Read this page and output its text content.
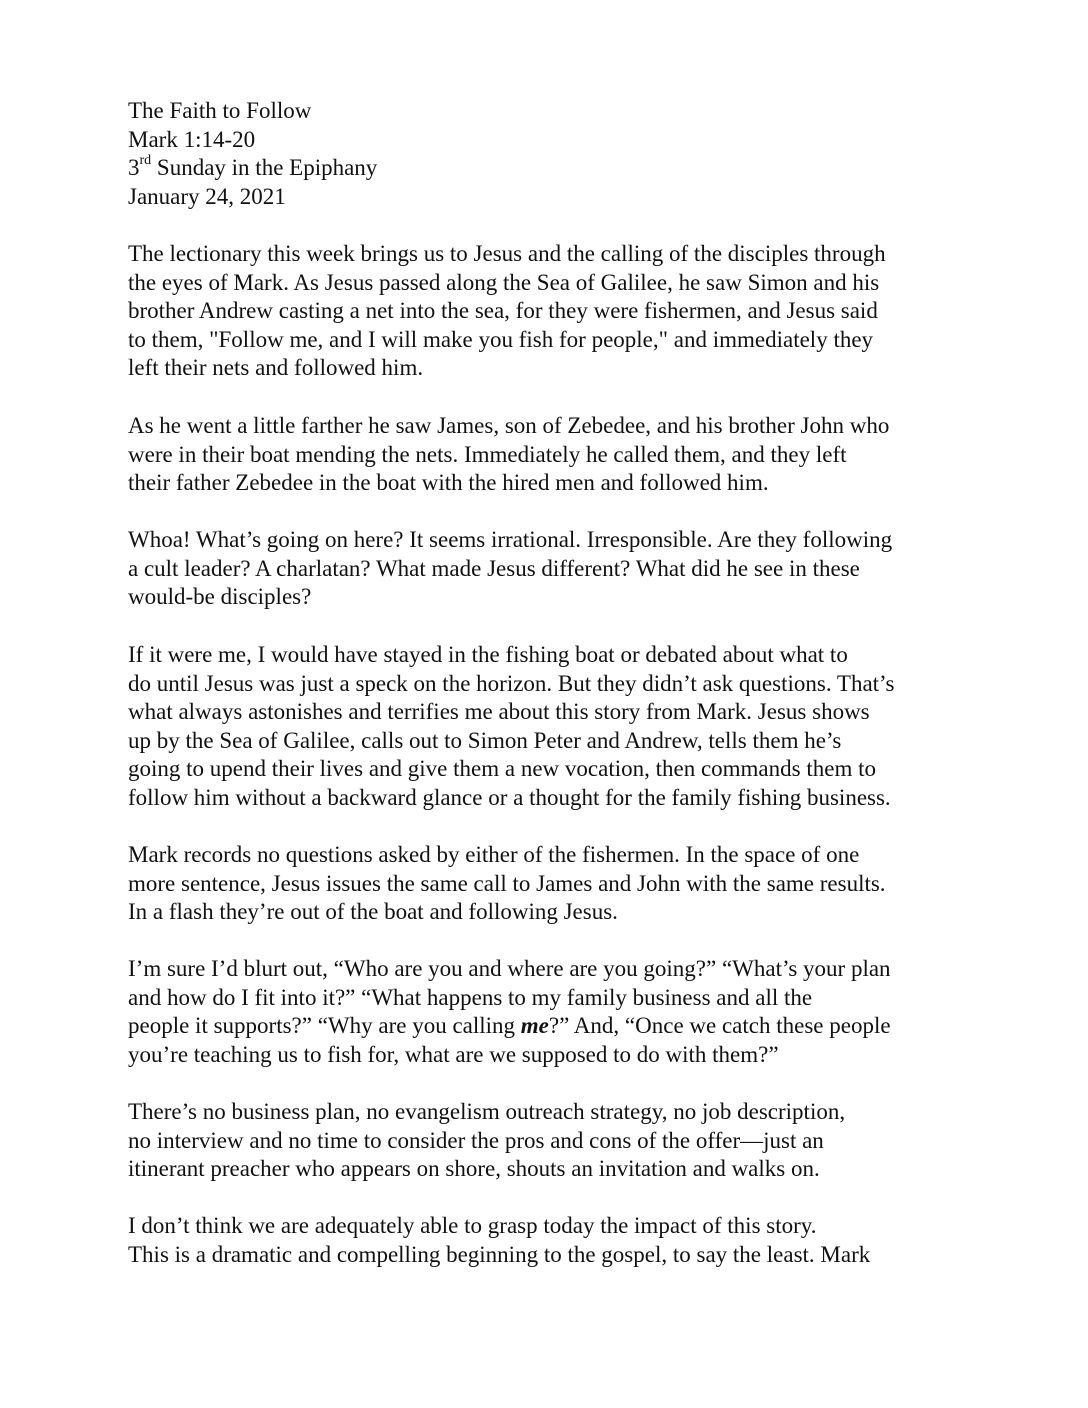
The Faith to Follow
Mark 1:14-20
3rd Sunday in the Epiphany
January 24, 2021
The lectionary this week brings us to Jesus and the calling of the disciples through
the eyes of Mark. As Jesus passed along the Sea of Galilee, he saw Simon and his
brother Andrew casting a net into the sea, for they were fishermen, and Jesus said
to them, "Follow me, and I will make you fish for people," and immediately they
left their nets and followed him.
As he went a little farther he saw James, son of Zebedee, and his brother John who
were in their boat mending the nets. Immediately he called them, and they left
their father Zebedee in the boat with the hired men and followed him.
Whoa! What’s going on here? It seems irrational. Irresponsible. Are they following
a cult leader? A charlatan? What made Jesus different? What did he see in these
would-be disciples?
If it were me, I would have stayed in the fishing boat or debated about what to
do until Jesus was just a speck on the horizon. But they didn’t ask questions. That’s
what always astonishes and terrifies me about this story from Mark. Jesus shows
up by the Sea of Galilee, calls out to Simon Peter and Andrew, tells them he’s
going to upend their lives and give them a new vocation, then commands them to
follow him without a backward glance or a thought for the family fishing business.
Mark records no questions asked by either of the fishermen. In the space of one
more sentence, Jesus issues the same call to James and John with the same results.
In a flash they’re out of the boat and following Jesus.
I’m sure I’d blurt out, “Who are you and where are you going?” “What’s your plan
and how do I fit into it?” “What happens to my family business and all the
people it supports?” “Why are you calling me?” And, “Once we catch these people
you’re teaching us to fish for, what are we supposed to do with them?”
There’s no business plan, no evangelism outreach strategy, no job description,
no interview and no time to consider the pros and cons of the offer—just an
itinerant preacher who appears on shore, shouts an invitation and walks on.
I don’t think we are adequately able to grasp today the impact of this story.
This is a dramatic and compelling beginning to the gospel, to say the least. Mark
